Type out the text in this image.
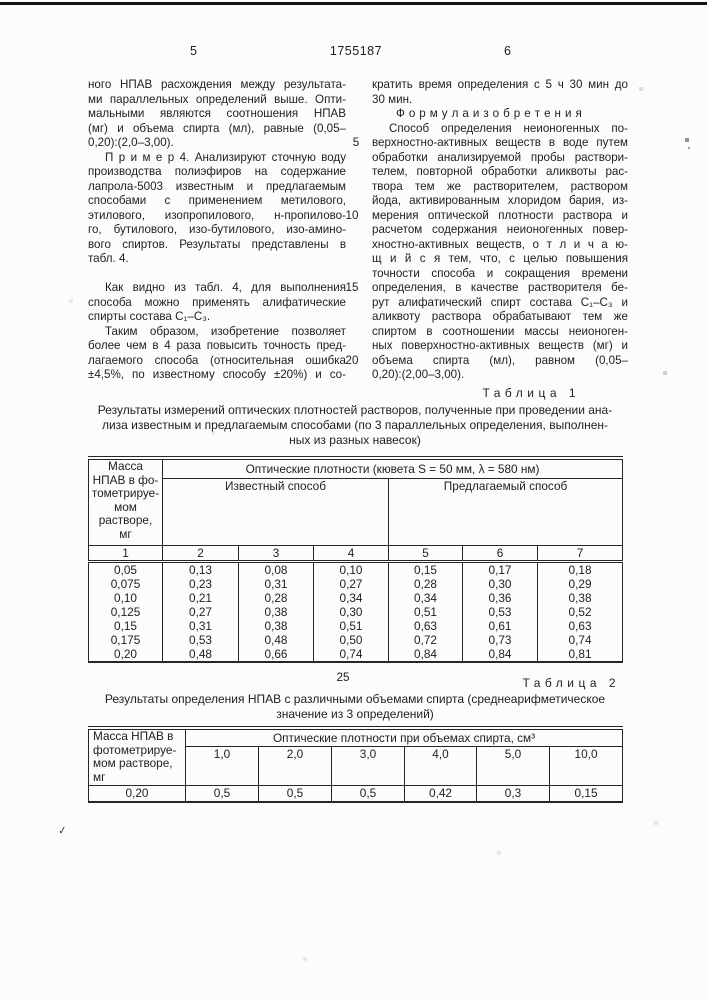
5	1755187	6
ного НПАВ расхождения между результата-
ми параллельных определений выше. Опти-
мальными являются соотношения НПАВ
(мг) и объема спирта (мл), равные (0,05–
0,20):(2,0–3,00).
П р и м е р 4. Анализируют сточную воду
производства полиэфиров на содержание
лапрола-5003 известным и предлагаемым
способами с применением метилового,
этилового, изопропилового, н-пропилово-
го, бутилового, изо-бутилового, изо-амино-
вого спиртов. Результаты представлены в
табл. 4.
Как видно из табл. 4, для выполнения
способа можно применять алифатические
спирты состава С₁–С₃.
Таким образом, изобретение позволяет
более чем в 4 раза повысить точность пред-
лагаемого способа (относительная ошибка
±4,5%, по известному способу ±20%) и со-
кратить время определения с 5 ч 30 мин до
30 мин.
Ф о р м у л а и з о б р е т е н и я
Способ определения неионогенных по-
верхностно-активных веществ в воде путем
обработки анализируемой пробы раствори-
телем, повторной обработки аликвоты рас-
твора тем же растворителем, раствором
йода, активированным хлоридом бария, из-
мерения оптической плотности раствора и
расчетом содержания неионогенных повер-
хностно-активных веществ, о т л и ч а ю-
щ и й с я тем, что, с целью повышения
точности способа и сокращения времени
определения, в качестве растворителя бе-
рут алифатический спирт состава С₁–С₃ и
аликвоту раствора обрабатывают тем же
спиртом в соотношении массы неионоген-
ных поверхностно-активных веществ (мг) и
объема спирта (мл), равном (0,05–
0,20):(2,00–3,00).
5
10
15
20
25
Таблица 1
Результаты измерений оптических плотностей растворов, полученные при проведении ана-
лиза известным и предлагаемым способами (по 3 параллельных определения, выполнен-
ных из разных навесок)
Масса
НПАВ в фо-
тометрируе-
мом
растворе,
мг
	Оптические плотности (кювета S = 50 мм, λ = 580 нм)
	Известный способ			Предлагаемый способ		
1	2	3	4	5	6	7
0,05	0,13	0,08	0,10	0,15	0,17	0,18
0,075	0,23	0,31	0,27	0,28	0,30	0,29
0,10	0,21	0,28	0,34	0,34	0,36	0,38
0,125	0,27	0,38	0,30	0,51	0,53	0,52
0,15	0,31	0,38	0,51	0,63	0,61	0,63
0,175	0,53	0,48	0,50	0,72	0,73	0,74
0,20	0,48	0,66	0,74	0,84	0,84	0,81
Таблица 2
Результаты определения НПАВ с различными объемами спирта (среднеарифметическое
значение из 3 определений)
Масса НПАВ в
фотометрируе-
мом растворе,
мг	Оптические плотности при объемах спирта, см³					
	1,0	2,0	3,0	4,0	5,0	10,0
0,20	0,5	0,5	0,5	0,42	0,3	0,15
✓
